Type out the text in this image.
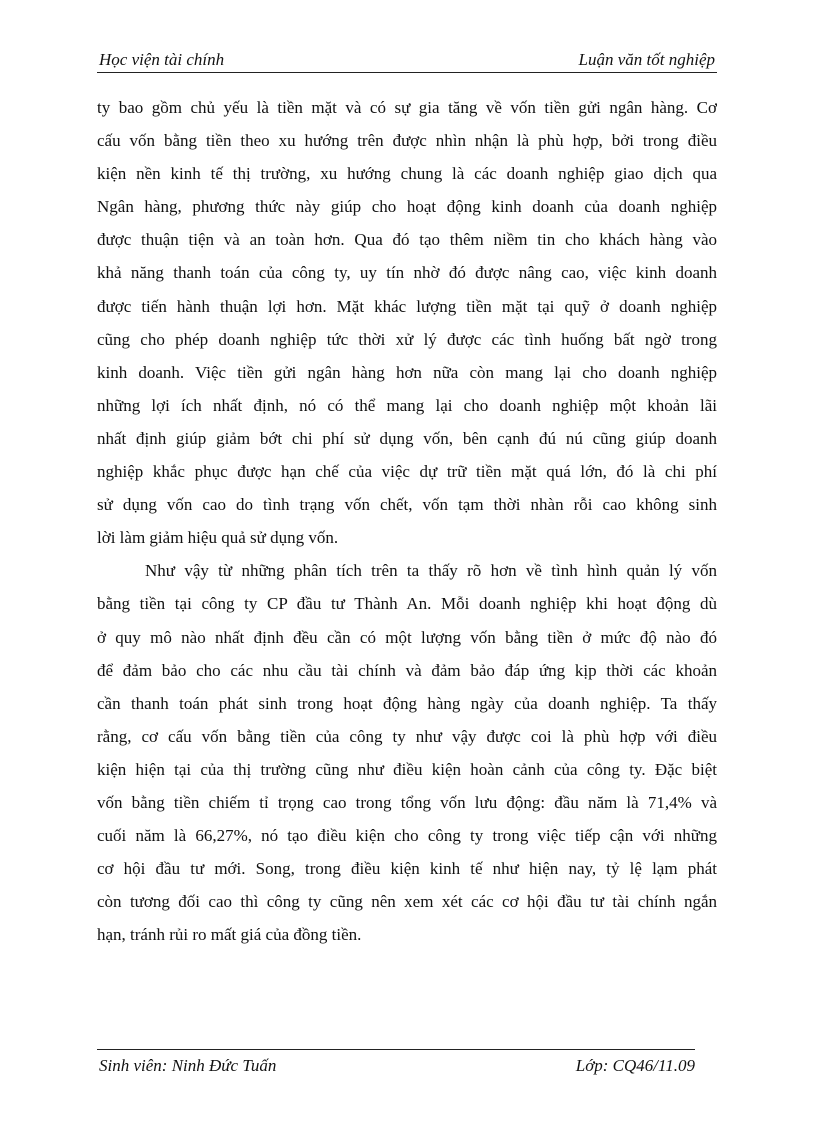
Học viện tài chính	Luận văn tốt nghiệp
ty bao gồm chủ yếu là tiền mặt và có sự gia tăng về vốn tiền gửi ngân hàng. Cơ
cấu vốn bằng tiền theo xu hướng trên được nhìn nhận là phù hợp, bởi trong điều
kiện nền kinh tế thị trường, xu hướng chung là các doanh nghiệp giao dịch qua
Ngân hàng, phương thức này giúp cho hoạt động kinh doanh của doanh nghiệp
được thuận tiện và an toàn hơn. Qua đó tạo thêm niềm tin cho khách hàng vào
khả năng thanh toán của công ty, uy tín nhờ đó được nâng cao, việc kinh doanh
được tiến hành thuận lợi hơn. Mặt khác lượng tiền mặt tại quỹ ở doanh nghiệp
cũng cho phép doanh nghiệp tức thời xử lý được các tình huống bất ngờ trong
kinh doanh. Việc tiền gửi ngân hàng hơn nữa còn mang lại cho doanh nghiệp
những lợi ích nhất định, nó có thể mang lại cho doanh nghiệp một khoản lãi
nhất định giúp giảm bớt chi phí sử dụng vốn, bên cạnh đú nú cũng giúp doanh
nghiệp khắc phục được hạn chế của việc dự trữ tiền mặt quá lớn, đó là chi phí
sử dụng vốn cao do tình trạng vốn chết, vốn tạm thời nhàn rỗi cao không sinh
lời làm giảm hiệu quả sử dụng vốn.
Như vậy từ những phân tích trên ta thấy rõ hơn về tình hình quản lý vốn
bằng tiền tại công ty CP đầu tư Thành An. Mỗi doanh nghiệp khi hoạt động dù
ở quy mô nào nhất định đều cần có một lượng vốn bằng tiền ở mức độ nào đó
để đảm bảo cho các nhu cầu tài chính và đảm bảo đáp ứng kịp thời các khoản
cần thanh toán phát sinh trong hoạt động hàng ngày của doanh nghiệp. Ta thấy
rằng, cơ cấu vốn bằng tiền của công ty như vậy được coi là phù hợp với điều
kiện hiện tại của thị trường cũng như điều kiện hoàn cảnh của công ty. Đặc biệt
vốn bằng tiền chiếm tỉ trọng cao trong tổng vốn lưu động: đầu năm là 71,4% và
cuối năm là 66,27%, nó tạo điều kiện cho công ty trong việc tiếp cận với những
cơ hội đầu tư mới. Song, trong điều kiện kinh tế như hiện nay, tỷ lệ lạm phát
còn tương đối cao thì công ty cũng nên xem xét các cơ hội đầu tư tài chính ngắn
hạn, tránh rủi ro mất giá của đồng tiền.
Sinh viên: Ninh Đức Tuấn	Lớp: CQ46/11.09
